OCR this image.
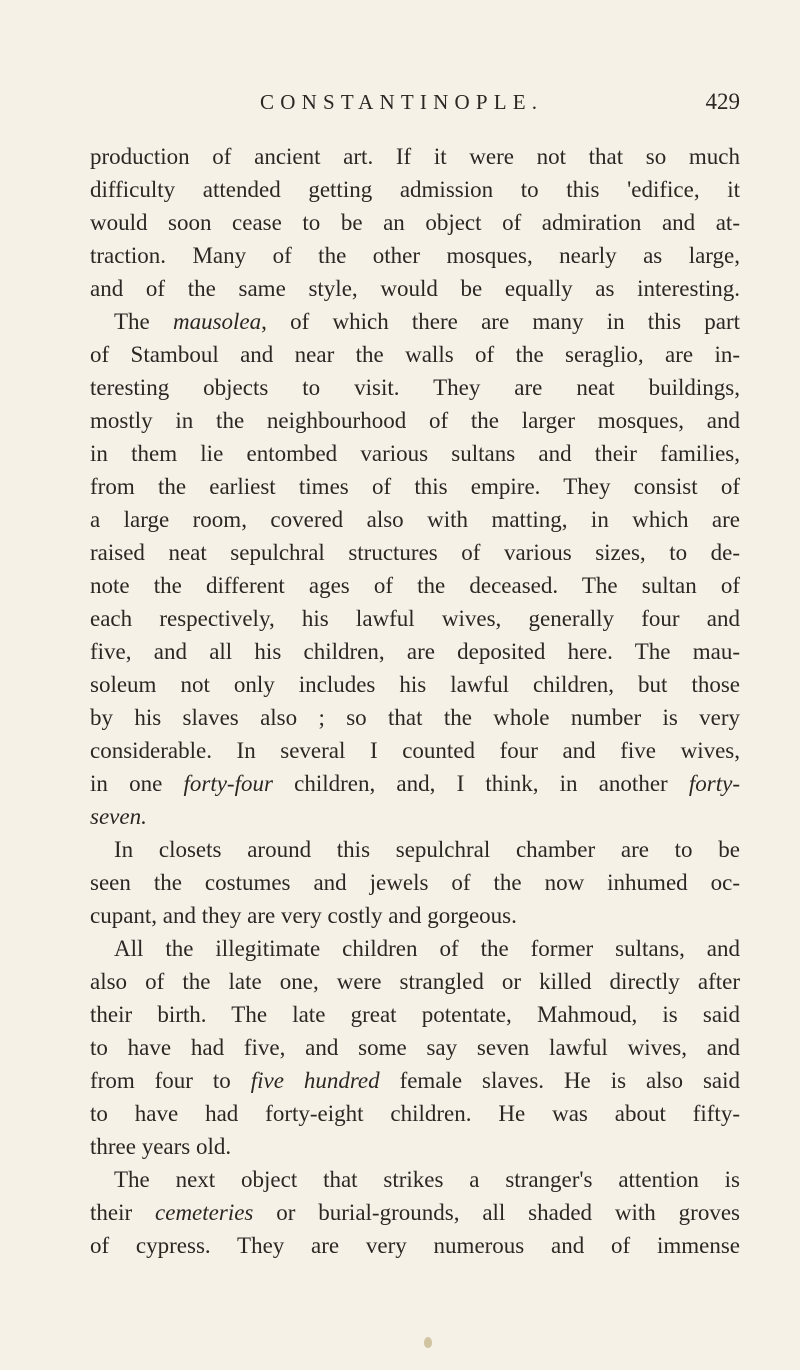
CONSTANTINOPLE.	429
production of ancient art. If it were not that so much
difficulty attended getting admission to this 'edifice, it
would soon cease to be an object of admiration and at-
traction. Many of the other mosques, nearly as large,
and of the same style, would be equally as interesting.
The mausolea, of which there are many in this part
of Stamboul and near the walls of the seraglio, are in-
teresting objects to visit. They are neat buildings,
mostly in the neighbourhood of the larger mosques, and
in them lie entombed various sultans and their families,
from the earliest times of this empire. They consist of
a large room, covered also with matting, in which are
raised neat sepulchral structures of various sizes, to de-
note the different ages of the deceased. The sultan of
each respectively, his lawful wives, generally four and
five, and all his children, are deposited here. The mau-
soleum not only includes his lawful children, but those
by his slaves also ; so that the whole number is very
considerable. In several I counted four and five wives,
in one forty-four children, and, I think, in another forty-
seven.
In closets around this sepulchral chamber are to be
seen the costumes and jewels of the now inhumed oc-
cupant, and they are very costly and gorgeous.
All the illegitimate children of the former sultans, and
also of the late one, were strangled or killed directly after
their birth. The late great potentate, Mahmoud, is said
to have had five, and some say seven lawful wives, and
from four to five hundred female slaves. He is also said
to have had forty-eight children. He was about fifty-
three years old.
The next object that strikes a stranger's attention is
their cemeteries or burial-grounds, all shaded with groves
of cypress. They are very numerous and of immense
